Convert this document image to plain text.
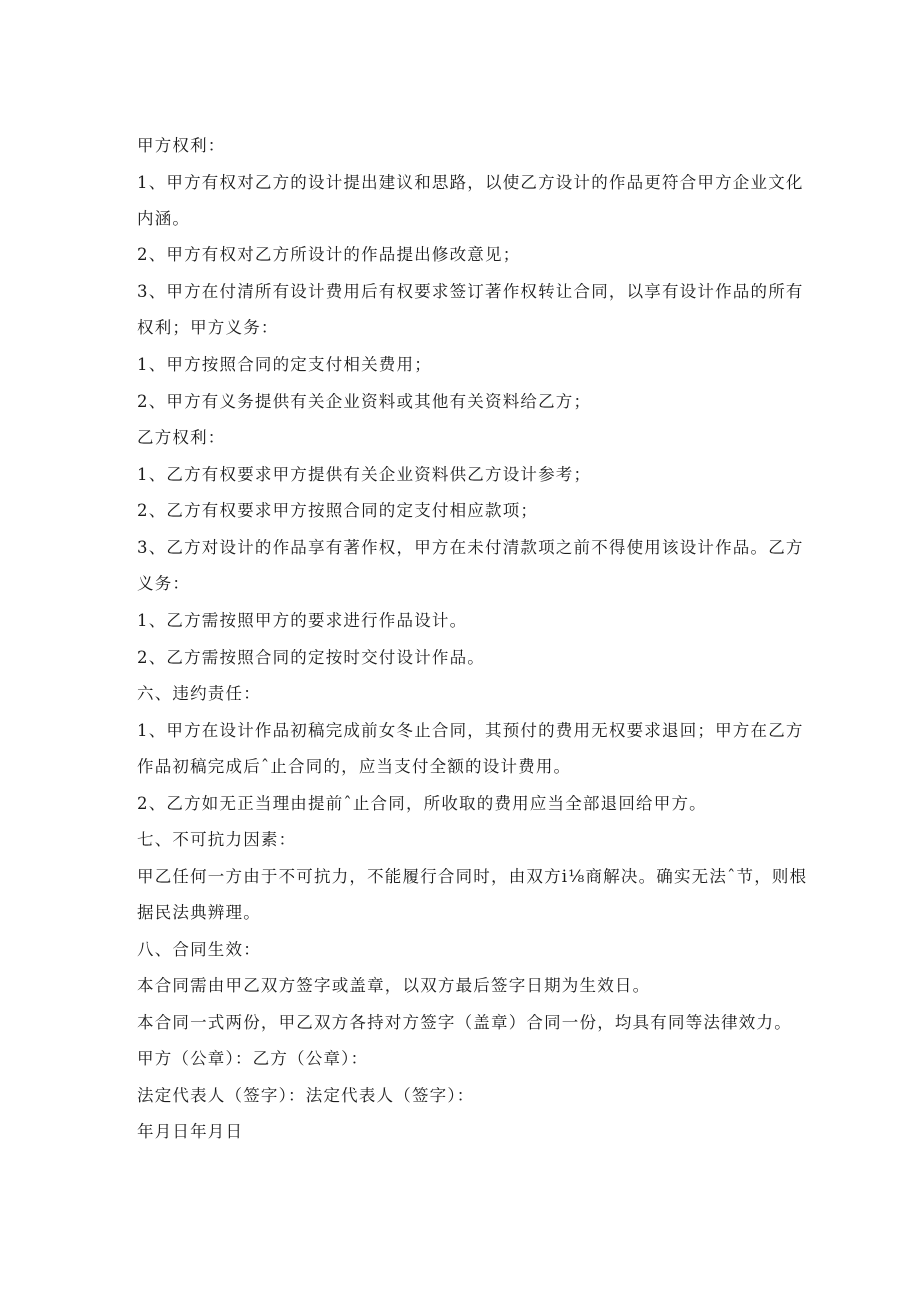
甲方权利：
1、甲方有权对乙方的设计提出建议和思路，以使乙方设计的作品更符合甲方企业文化
内涵。
2、甲方有权对乙方所设计的作品提出修改意见；
3、甲方在付清所有设计费用后有权要求签订著作权转让合同，以享有设计作品的所有
权利；甲方义务：
1、甲方按照合同的定支付相关费用；
2、甲方有义务提供有关企业资料或其他有关资料给乙方；
乙方权利：
1、乙方有权要求甲方提供有关企业资料供乙方设计参考；
2、乙方有权要求甲方按照合同的定支付相应款项；
3、乙方对设计的作品享有著作权，甲方在未付清款项之前不得使用该设计作品。乙方
义务：
1、乙方需按照甲方的要求进行作品设计。
2、乙方需按照合同的定按时交付设计作品。
六、违约责任：
1、甲方在设计作品初稿完成前女冬止合同，其预付的费用无权要求退回；甲方在乙方
作品初稿完成后ˆ止合同的，应当支付全额的设计费用。
2、乙方如无正当理由提前ˆ止合同，所收取的费用应当全部退回给甲方。
七、不可抗力因素：
甲乙任何一方由于不可抗力，不能履行合同时，由双方i⅛商解决。确实无法ˆ节，则根
据民法典辨理。
八、合同生效：
本合同需由甲乙双方签字或盖章，以双方最后签字日期为生效日。
本合同一式两份，甲乙双方各持对方签字（盖章）合同一份，均具有同等法律效力。
甲方（公章）：乙方（公章）：
法定代表人（签字）：法定代表人（签字）：
年月日年月日
